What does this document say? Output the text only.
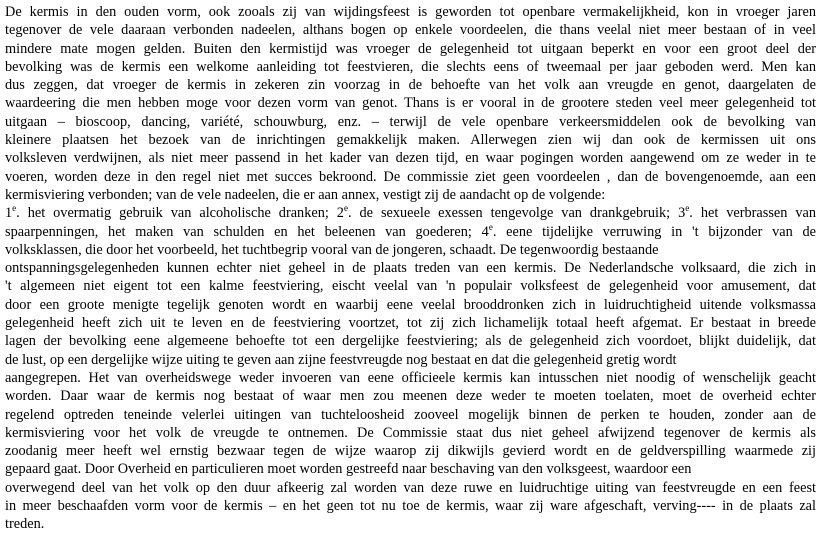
De kermis in den ouden vorm, ook zooals zij van wijdingsfeest is geworden tot openbare vermakelijkheid, kon in vroeger jaren
tegenover de vele daaraan verbonden nadeelen, althans bogen op enkele voordeelen, die thans veelal niet meer bestaan of in veel
mindere mate mogen gelden. Buiten den kermistijd was vroeger de gelegenheid tot uitgaan beperkt en voor een groot deel der
bevolking was de kermis een welkome aanleiding tot feestvieren, die slechts eens of tweemaal per jaar geboden werd. Men kan
dus zeggen, dat vroeger de kermis in zekeren zin voorzag in de behoefte van het volk aan vreugde en genot, daargelaten de
waardeering die men hebben moge voor dezen vorm van genot. Thans is er vooral in de grootere steden veel meer gelegenheid tot
uitgaan – bioscoop, dancing, variété, schouwburg, enz. – terwijl de vele openbare verkeersmiddelen ook de bevolking van
kleinere plaatsen het bezoek van de inrichtingen gemakkelijk maken. Allerwegen zien wij dan ook de kermissen uit ons
volksleven verdwijnen, als niet meer passend in het kader van dezen tijd, en waar pogingen worden aangewend om ze weder in te
voeren, worden deze in den regel niet met succes bekroond. De commissie ziet geen voordeelen , dan de bovengenoemde, aan een
kermisviering verbonden; van de vele nadeelen, die er aan annex, vestigt zij de aandacht op de volgende:
1e. het overmatig gebruik van alcoholische dranken; 2e. de sexueele exessen tengevolge van drankgebruik; 3e. het verbrassen van
spaarpenningen, het maken van schulden en het beleenen van goederen; 4e. eene tijdelijke verruwing in 't bijzonder van de
volksklassen, die door het voorbeeld, het tuchtbegrip vooral van de jongeren, schaadt. De tegenwoordig bestaande
ontspanningsgelegenheden kunnen echter niet geheel in de plaats treden van een kermis. De Nederlandsche volksaard, die zich in
't algemeen niet eigent tot een kalme feestviering, eischt veelal van 'n populair volksfeest de gelegenheid voor amusement, dat
door een groote menigte tegelijk genoten wordt en waarbij eene veelal brooddronken zich in luidruchtigheid uitende volksmassa
gelegenheid heeft zich uit te leven en de feestviering voortzet, tot zij zich lichamelijk totaal heeft afgemat. Er bestaat in breede
lagen der bevolking eene algemeene behoefte tot een dergelijke feestviering; als de gelegenheid zich voordoet, blijkt duidelijk, dat
de lust, op een dergelijke wijze uiting te geven aan zijne feestvreugde nog bestaat en dat die gelegenheid gretig wordt
aangegrepen. Het van overheidswege weder invoeren van eene officieele kermis kan intusschen niet noodig of wenschelijk geacht
worden. Daar waar de kermis nog bestaat of waar men zou meenen deze weder te moeten toelaten, moet de overheid echter
regelend optreden teneinde velerlei uitingen van tuchteloosheid zooveel mogelijk binnen de perken te houden, zonder aan de
kermisviering voor het volk de vreugde te ontnemen. De Commissie staat dus niet geheel afwijzend tegenover de kermis als
zoodanig meer heeft wel ernstig bezwaar tegen de wijze waarop zij dikwijls gevierd wordt en de geldverspilling waarmede zij
gepaard gaat. Door Overheid en particulieren moet worden gestreefd naar beschaving van den volksgeest, waardoor een
overwegend deel van het volk op den duur afkeerig zal worden van deze ruwe en luidruchtige uiting van feestvreugde en een feest
in meer beschaafden vorm voor de kermis – en het geen tot nu toe de kermis, waar zij ware afgeschaft, verving---- in de plaats zal
treden.
